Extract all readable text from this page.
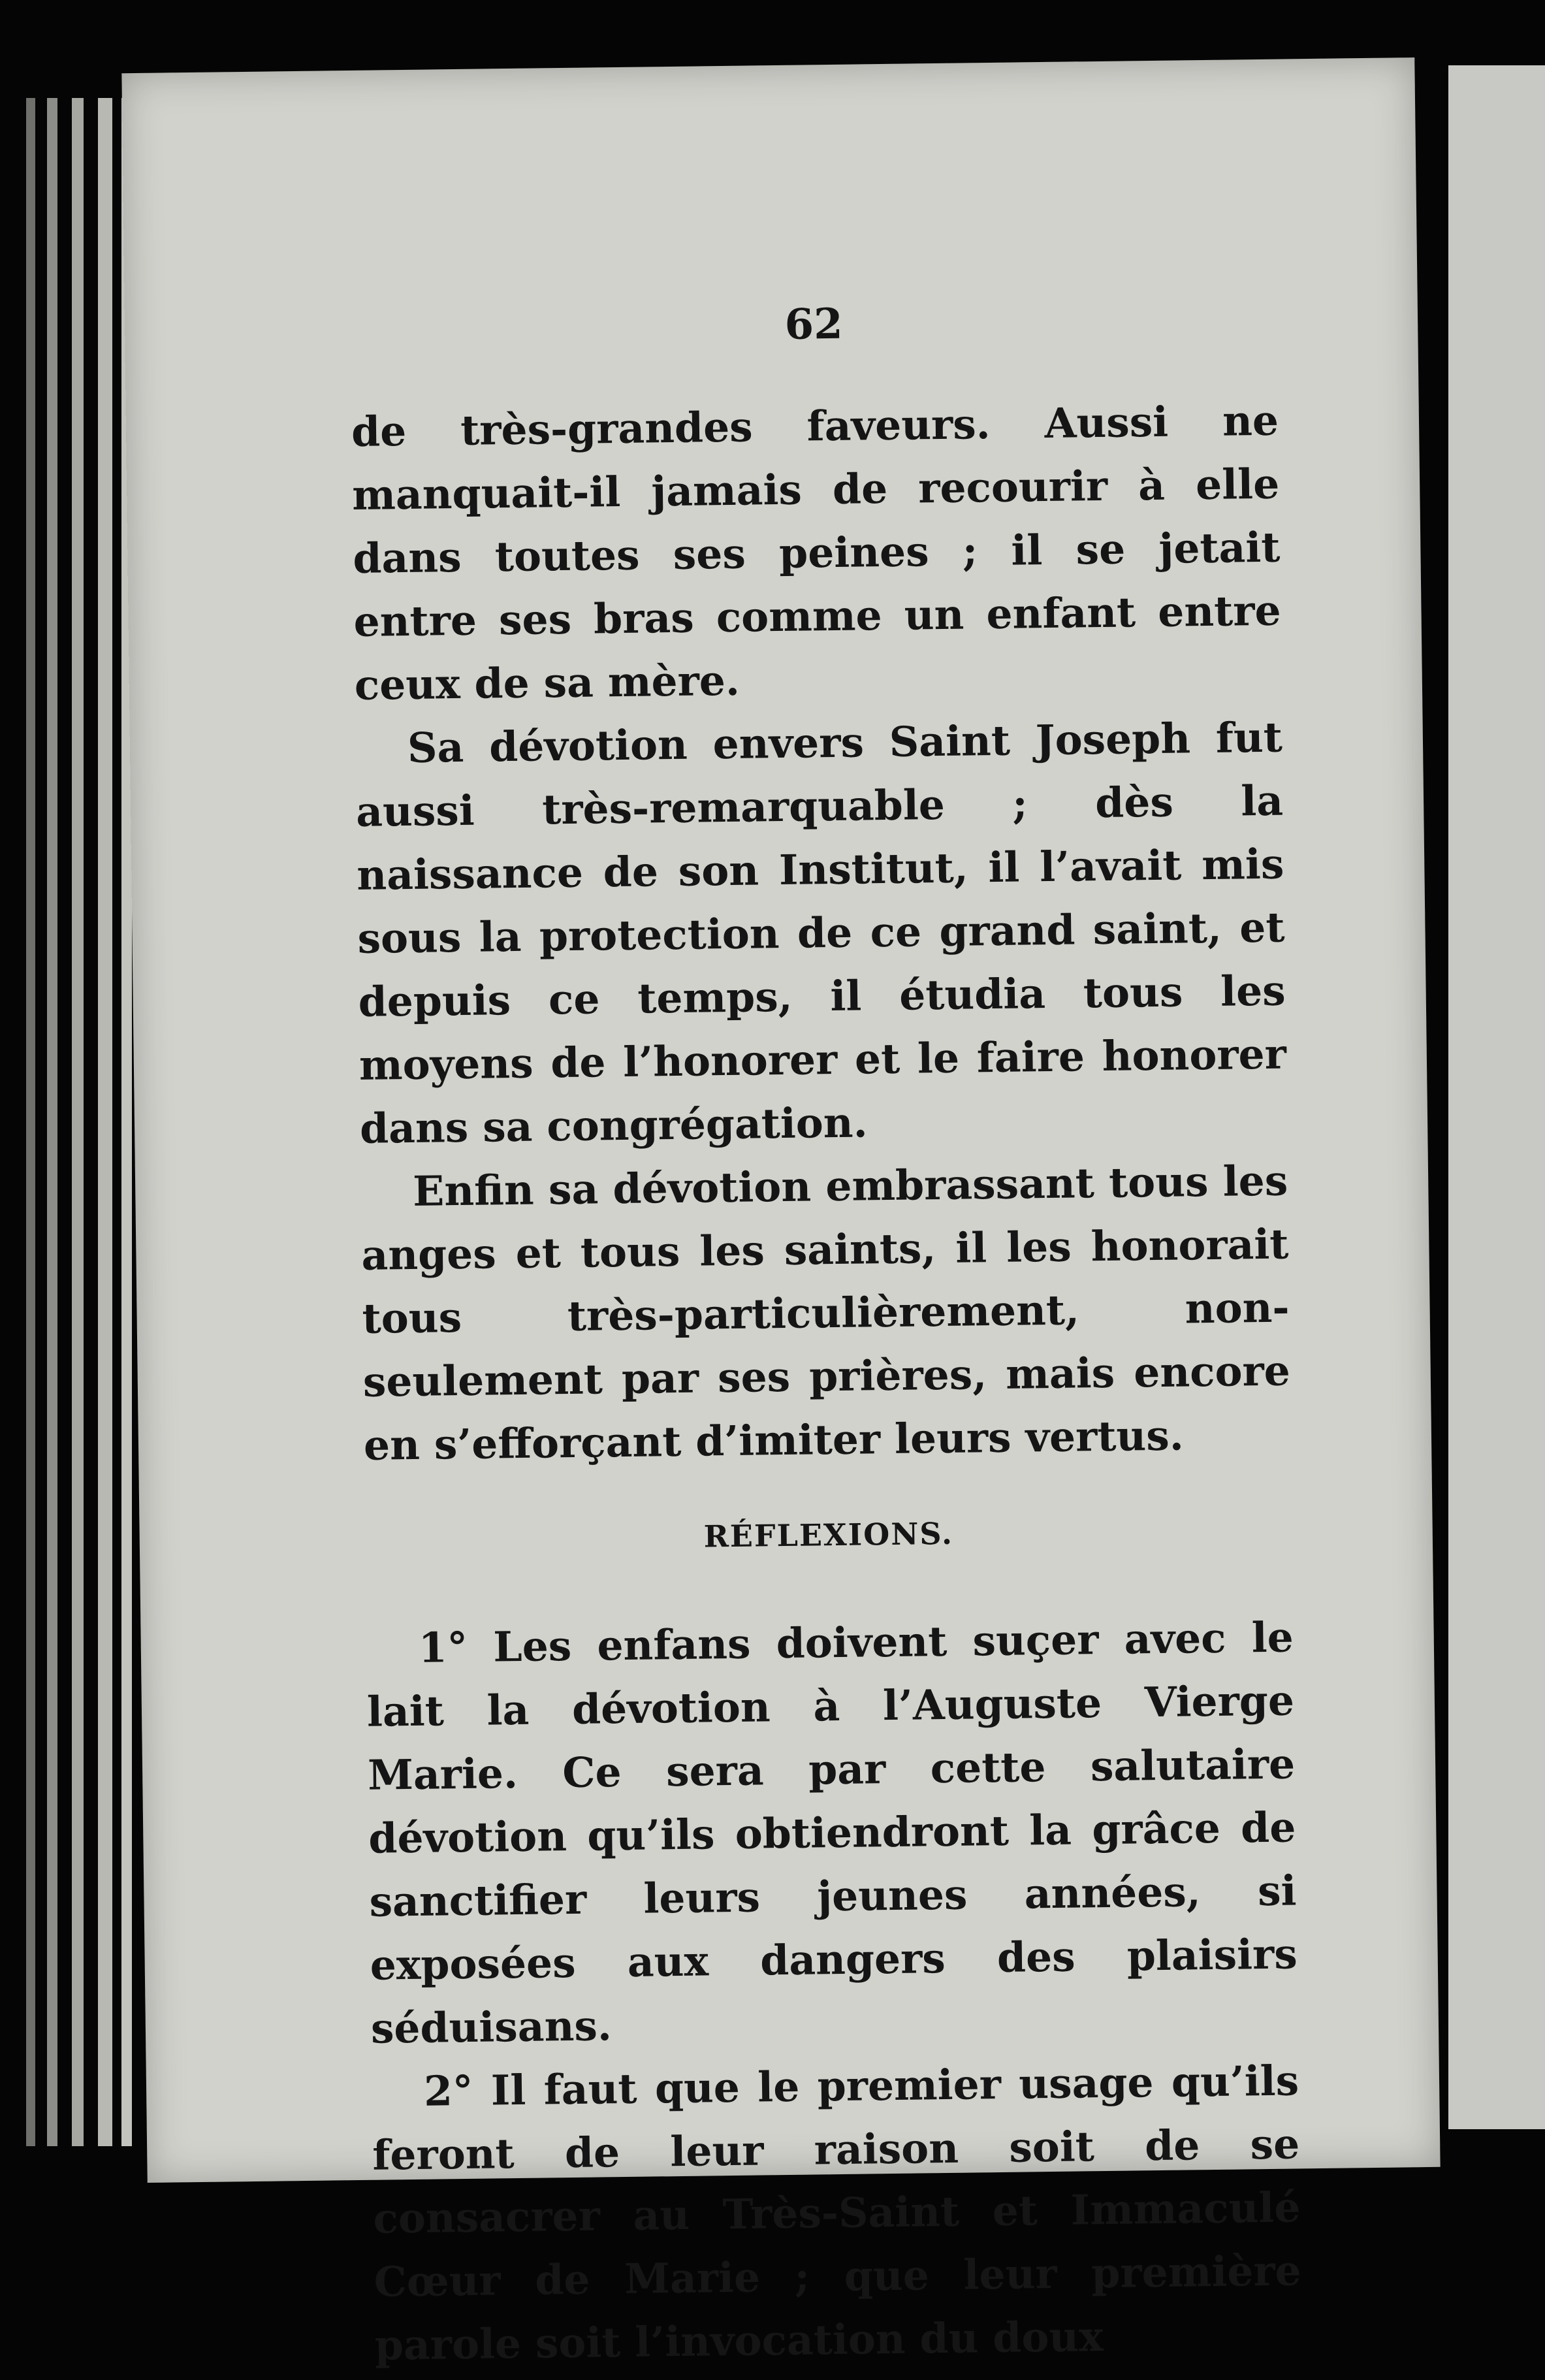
62

de très-grandes faveurs. Aussi ne manquait-il jamais de recourir à elle dans toutes ses peines ; il se jetait entre ses bras comme un enfant entre ceux de sa mère.

Sa dévotion envers Saint Joseph fut aussi très-remarquable ; dès la naissance de son Institut, il l’avait mis sous la protection de ce grand saint, et depuis ce temps, il étudia tous les moyens de l’honorer et le faire honorer dans sa congrégation.

Enfin sa dévotion embrassant tous les anges et tous les saints, il les honorait tous très-particulièrement, non-seulement par ses prières, mais encore en s’efforçant d’imiter leurs vertus.

RÉFLEXIONS.

1° Les enfans doivent suçer avec le lait la dévotion à l’Auguste Vierge Marie. Ce sera par cette salutaire dévotion qu’ils obtiendront la grâce de sanctifier leurs jeunes années, si exposées aux dangers des plaisirs séduisans.

2° Il faut que le premier usage qu’ils feront de leur raison soit de se consacrer au Très-Saint et Immaculé Cœur de Marie ; que leur première parole soit l’invocation du doux
